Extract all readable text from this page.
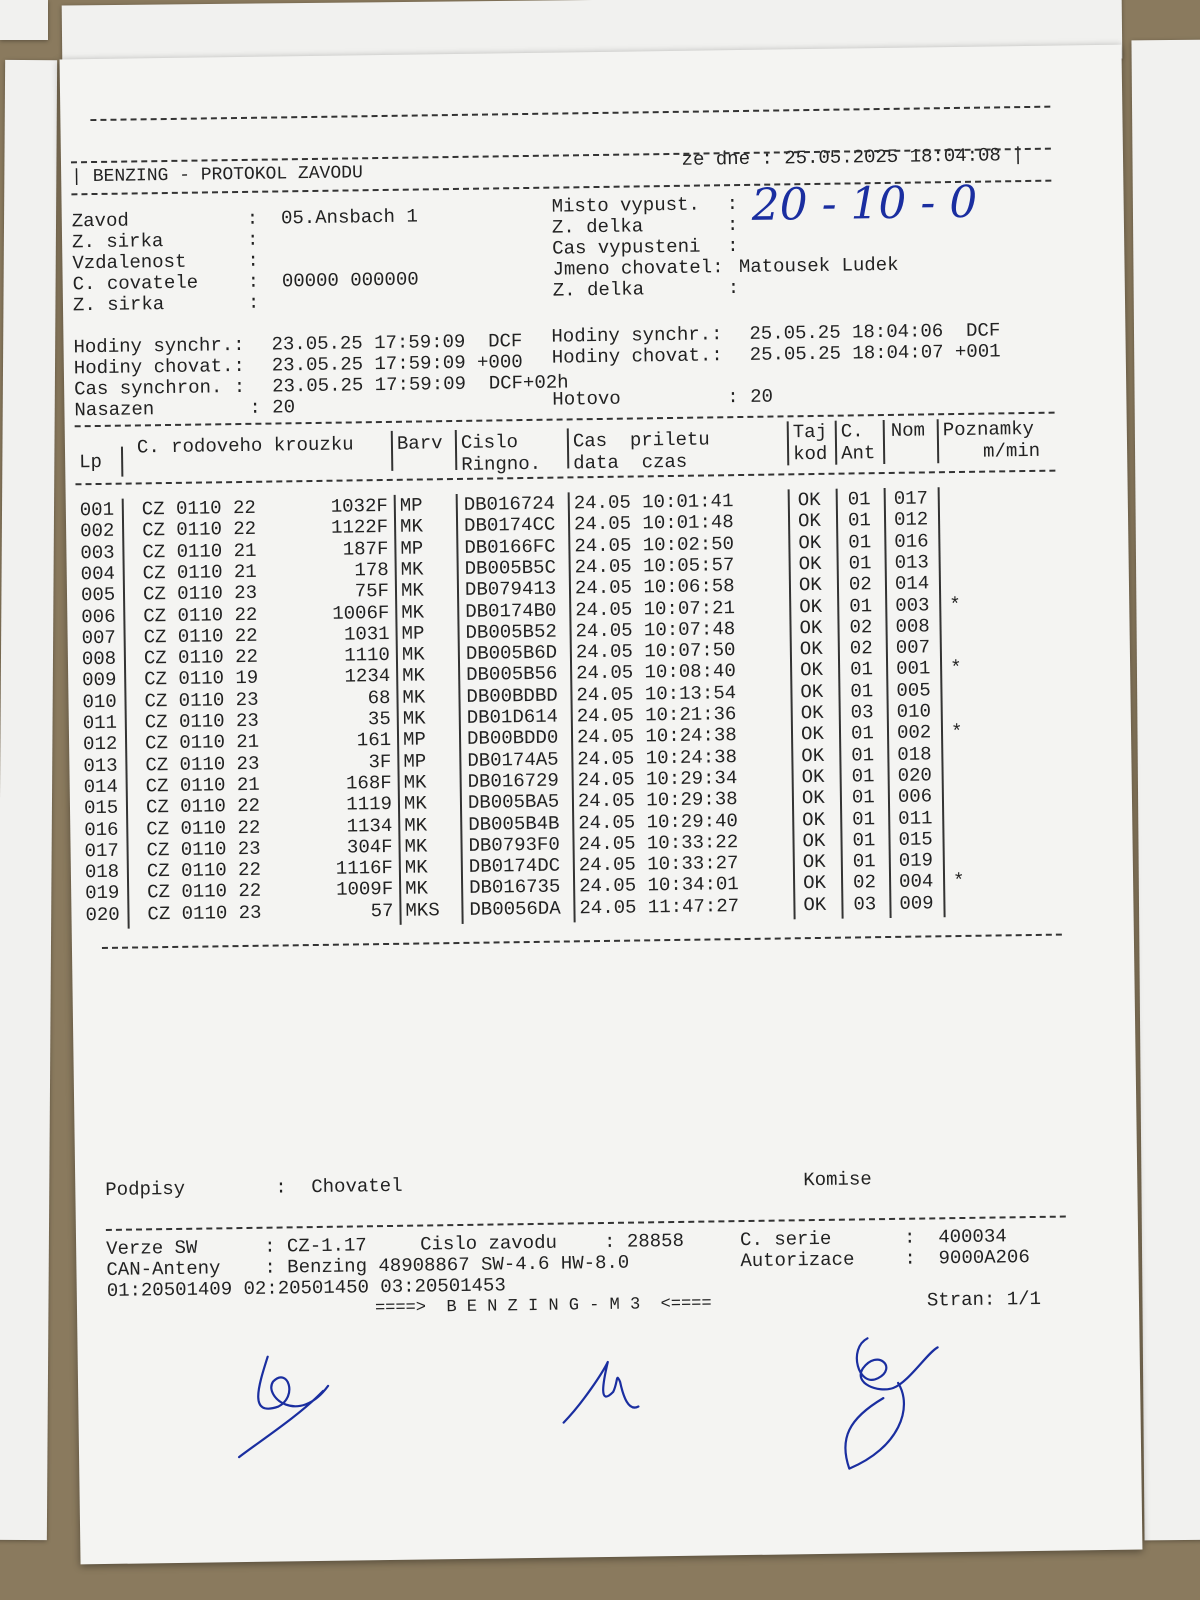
ze dne : 25.05.2025 18:04:08 |

| BENZING - PROTOKOL ZAVODU
Zavod	:  05.Ansbach 1
Z. sirka	:
Vzdalenost	:
C. covatele	:  00000 000000
Z. sirka	:
Misto vypust. :
Z. delka	:
Cas vypusteni :
Jmeno chovatel: Matousek Ludek
Z. delka	:
20 - 10 - 0
Hodiny synchr.: 23.05.25 17:59:09 DCF
Hodiny chovat.: 23.05.25 17:59:09 +000
Cas synchron. : 23.05.25 17:59:09 DCF+02h
Nasazen	: 20
Hodiny synchr.: 25.05.25 18:04:06 DCF
Hodiny chovat.: 25.05.25 18:04:07 +001
Hotovo	: 20
Lp
C. rodoveho krouzku Barv Cislo
Ringno.
Cas  priletu
data  czas
Taj
kod
C.
Ant
Nom Poznamky
m/min
001 CZ 0110 22	1032F MP DB016724 24.05 10:01:41	OK 01 017
002 CZ 0110 22	1122F MK DB0174CC 24.05 10:01:48	OK 01 012
003 CZ 0110 21	187F MP DB0166FC 24.05 10:02:50	OK 01 016
004 CZ 0110 21	178 MK DB005B5C 24.05 10:05:57	OK 01 013
005 CZ 0110 23	75F MK DB079413 24.05 10:06:58	OK 02 014
006 CZ 0110 22	1006F MK DB0174B0 24.05 10:07:21	OK 01 003 *
007 CZ 0110 22	1031 MP DB005B52 24.05 10:07:48	OK 02 008
008 CZ 0110 22	1110 MK DB005B6D 24.05 10:07:50	OK 02 007
009 CZ 0110 19	1234 MK DB005B56 24.05 10:08:40	OK 01 001 *
010 CZ 0110 23	68 MK DB00BDBD 24.05 10:13:54	OK 01 005
011 CZ 0110 23	35 MK DB01D614 24.05 10:21:36	OK 03 010
012 CZ 0110 21	161 MP DB00BDD0 24.05 10:24:38	OK 01 002 *
013 CZ 0110 23	3F MP DB0174A5 24.05 10:24:38	OK 01 018
014 CZ 0110 21	168F MK DB016729 24.05 10:29:34	OK 01 020
015 CZ 0110 22	1119 MK DB005BA5 24.05 10:29:38	OK 01 006
016 CZ 0110 22	1134 MK DB005B4B 24.05 10:29:40	OK 01 011
017 CZ 0110 23	304F MK DB0793F0 24.05 10:33:22	OK 01 015
018 CZ 0110 22	1116F MK DB0174DC 24.05 10:33:27	OK 01 019
019 CZ 0110 22	1009F MK DB016735 24.05 10:34:01	OK 02 004 *
020 CZ 0110 23	57 MKS DB0056DA 24.05 11:47:27	OK 03 009
Podpisy	: Chovatel	Komise
Verze SW	: CZ-1.17	Cislo zavodu : 28858	C. serie	:  400034
CAN-Anteny : Benzing 48908867 SW-4.6 HW-8.0	Autorizace	:  9000A206
01:20501409 02:20501450 03:20501453
====>  B E N Z I N G - M 3  <====	Stran: 1/1
